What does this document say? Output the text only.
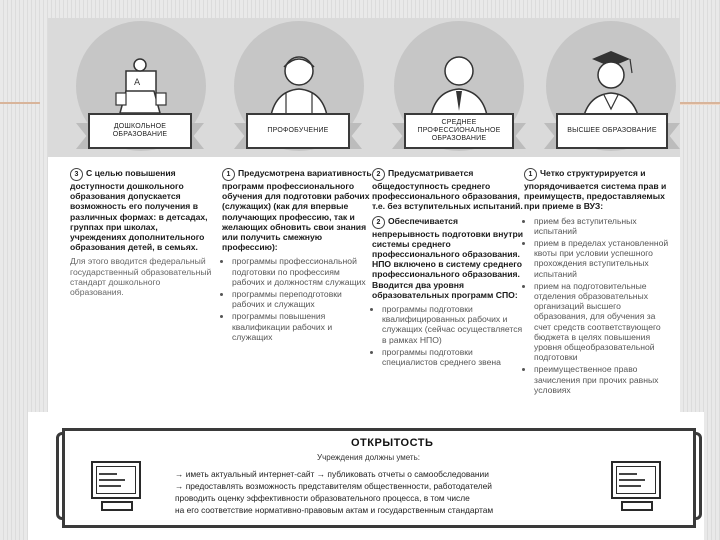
A
ДОШКОЛЬНОЕ
ОБРАЗОВАНИЕ
ПРОФОБУЧЕНИЕ
СРЕДНЕЕ
ПРОФЕССИОНАЛЬНОЕ
ОБРАЗОВАНИЕ
ВЫСШЕЕ ОБРАЗОВАНИЕ

3 С целью повышения доступности дошкольного образования допускается возможность его получения в различных формах: в детсадах, группах при школах, учреждениях дополнительного образования детей, в семьях.

Для этого вводится федеральный государственный образовательный стандарт дошкольного образования.

1 Предусмотрена вариативность программ профессионального обучения для подготовки рабочих (служащих) (как для впервые получающих профессию, так и желающих обновить свои знания или получить смежную профессию):

• программы профессиональной подготовки по профессиям рабочих и должностям служащих
• программы переподготовки рабочих и служащих
• программы повышения квалификации рабочих и служащих

2 Предусматривается общедоступность среднего профессионального образования, т.е. без вступительных испытаний.

2 Обеспечивается непрерывность подготовки внутри системы среднего профессионального образования. НПО включено в систему среднего профессионального образования. Вводится два уровня образовательных программ СПО:

• программы подготовки квалифицированных рабочих и служащих (сейчас осуществляется в рамках НПО)
• программы подготовки специалистов среднего звена

1 Четко структурируется и упорядочивается система прав и преимуществ, предоставляемых при приеме в ВУЗ:

• прием без вступительных испытаний
• прием в пределах установленной квоты при условии успешного прохождения вступительных испытаний
• прием на подготовительные отделения образовательных организаций высшего образования, для обучения за счет средств соответствующего бюджета в целях повышения уровня общеобразовательной подготовки
• преимущественное право зачисления при прочих равных условиях
ОТКРЫТОСТЬ
Учреждения должны уметь:
→ иметь актуальный интернет-сайт → публиковать отчеты о самообследовании
→ предоставлять возможность представителям общественности, работодателей
проводить оценку эффективности образовательного процесса, в том числе
на его соответствие нормативно-правовым актам и государственным стандартам
